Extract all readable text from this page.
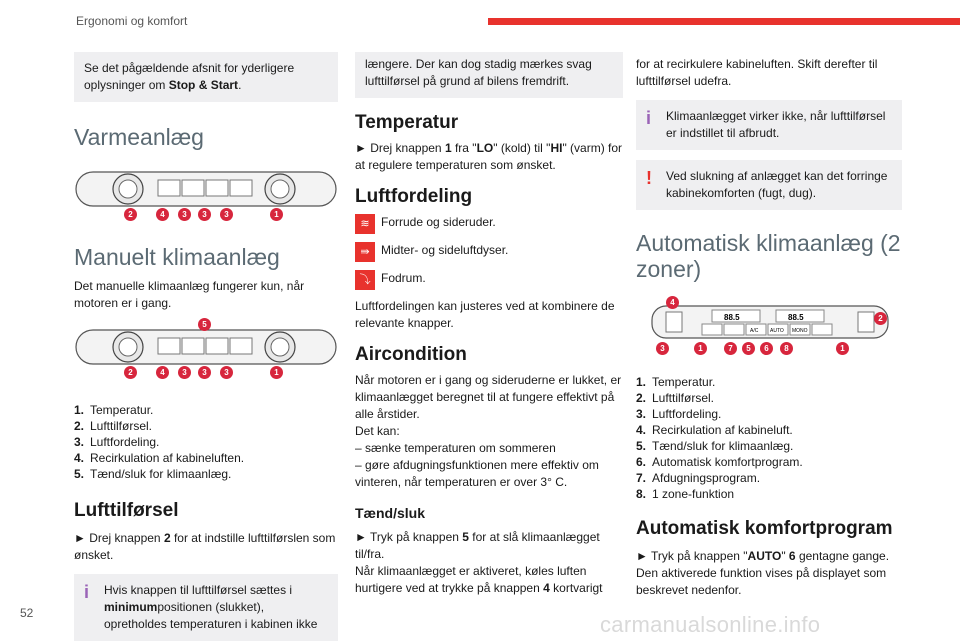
Ergonomi og komfort
Se det pågældende afsnit for yderligere oplysninger om Stop & Start.
Varmeanlæg
2	4	3	3	3	1
Manuelt klimaanlæg

Det manuelle klimaanlæg fungerer kun, når motoren er i gang.

5
2	4	3	3	3	1
1. Temperatur.
2. Lufttilførsel.
3. Luftfordeling.
4. Recirkulation af kabineluften.
5. Tænd/sluk for klimaanlæg.
Lufttilførsel

► Drej knappen 2 for at indstille lufttilførslen som ønsket.

i Hvis knappen til lufttilførsel sættes i minimumpositionen (slukket), opretholdes temperaturen i kabinen ikke
længere. Der kan dog stadig mærkes svag lufttilførsel på grund af bilens fremdrift.
Temperatur

► Drej knappen 1 fra "LO" (kold) til "HI" (varm) for at regulere temperaturen som ønsket.

Luftfordeling
≋ Forrude og sideruder.

⇛ Midter- og sideluftdyser.

⤵ Fodrum.

Luftfordelingen kan justeres ved at kombinere de relevante knapper.

Aircondition

Når motoren er i gang og sideruderne er lukket, er klimaanlægget beregnet til at fungere effektivt på alle årstider.

Det kan:

– sænke temperaturen om sommeren

– gøre afdugningsfunktionen mere effektiv om vinteren, når temperaturen er over 3° C.

Tænd/sluk

► Tryk på knappen 5 for at slå klimaanlægget til/fra.

Når klimaanlægget er aktiveret, køles luften hurtigere ved at trykke på knappen 4 kortvarigt

for at recirkulere kabineluften. Skift derefter til lufttilførsel udefra.

i Klimaanlægget virker ikke, når lufttilførsel er indstillet til afbrudt.
! Ved slukning af anlægget kan det forringe kabinekomforten (fugt, dug).
Automatisk klimaanlæg (2 zoner)
88.5	88.5
A/C AUTO MONO
4
2
3	1	7	5	6	8	1
1. Temperatur.
2. Lufttilførsel.
3. Luftfordeling.
4. Recirkulation af kabineluft.
5. Tænd/sluk for klimaanlæg.
6. Automatisk komfortprogram.
7. Afdugningsprogram.
8. 1 zone-funktion
Automatisk komfortprogram

► Tryk på knappen "AUTO" 6 gentagne gange. Den aktiverede funktion vises på displayet som beskrevet nedenfor.

52	carmanualsonline.info
